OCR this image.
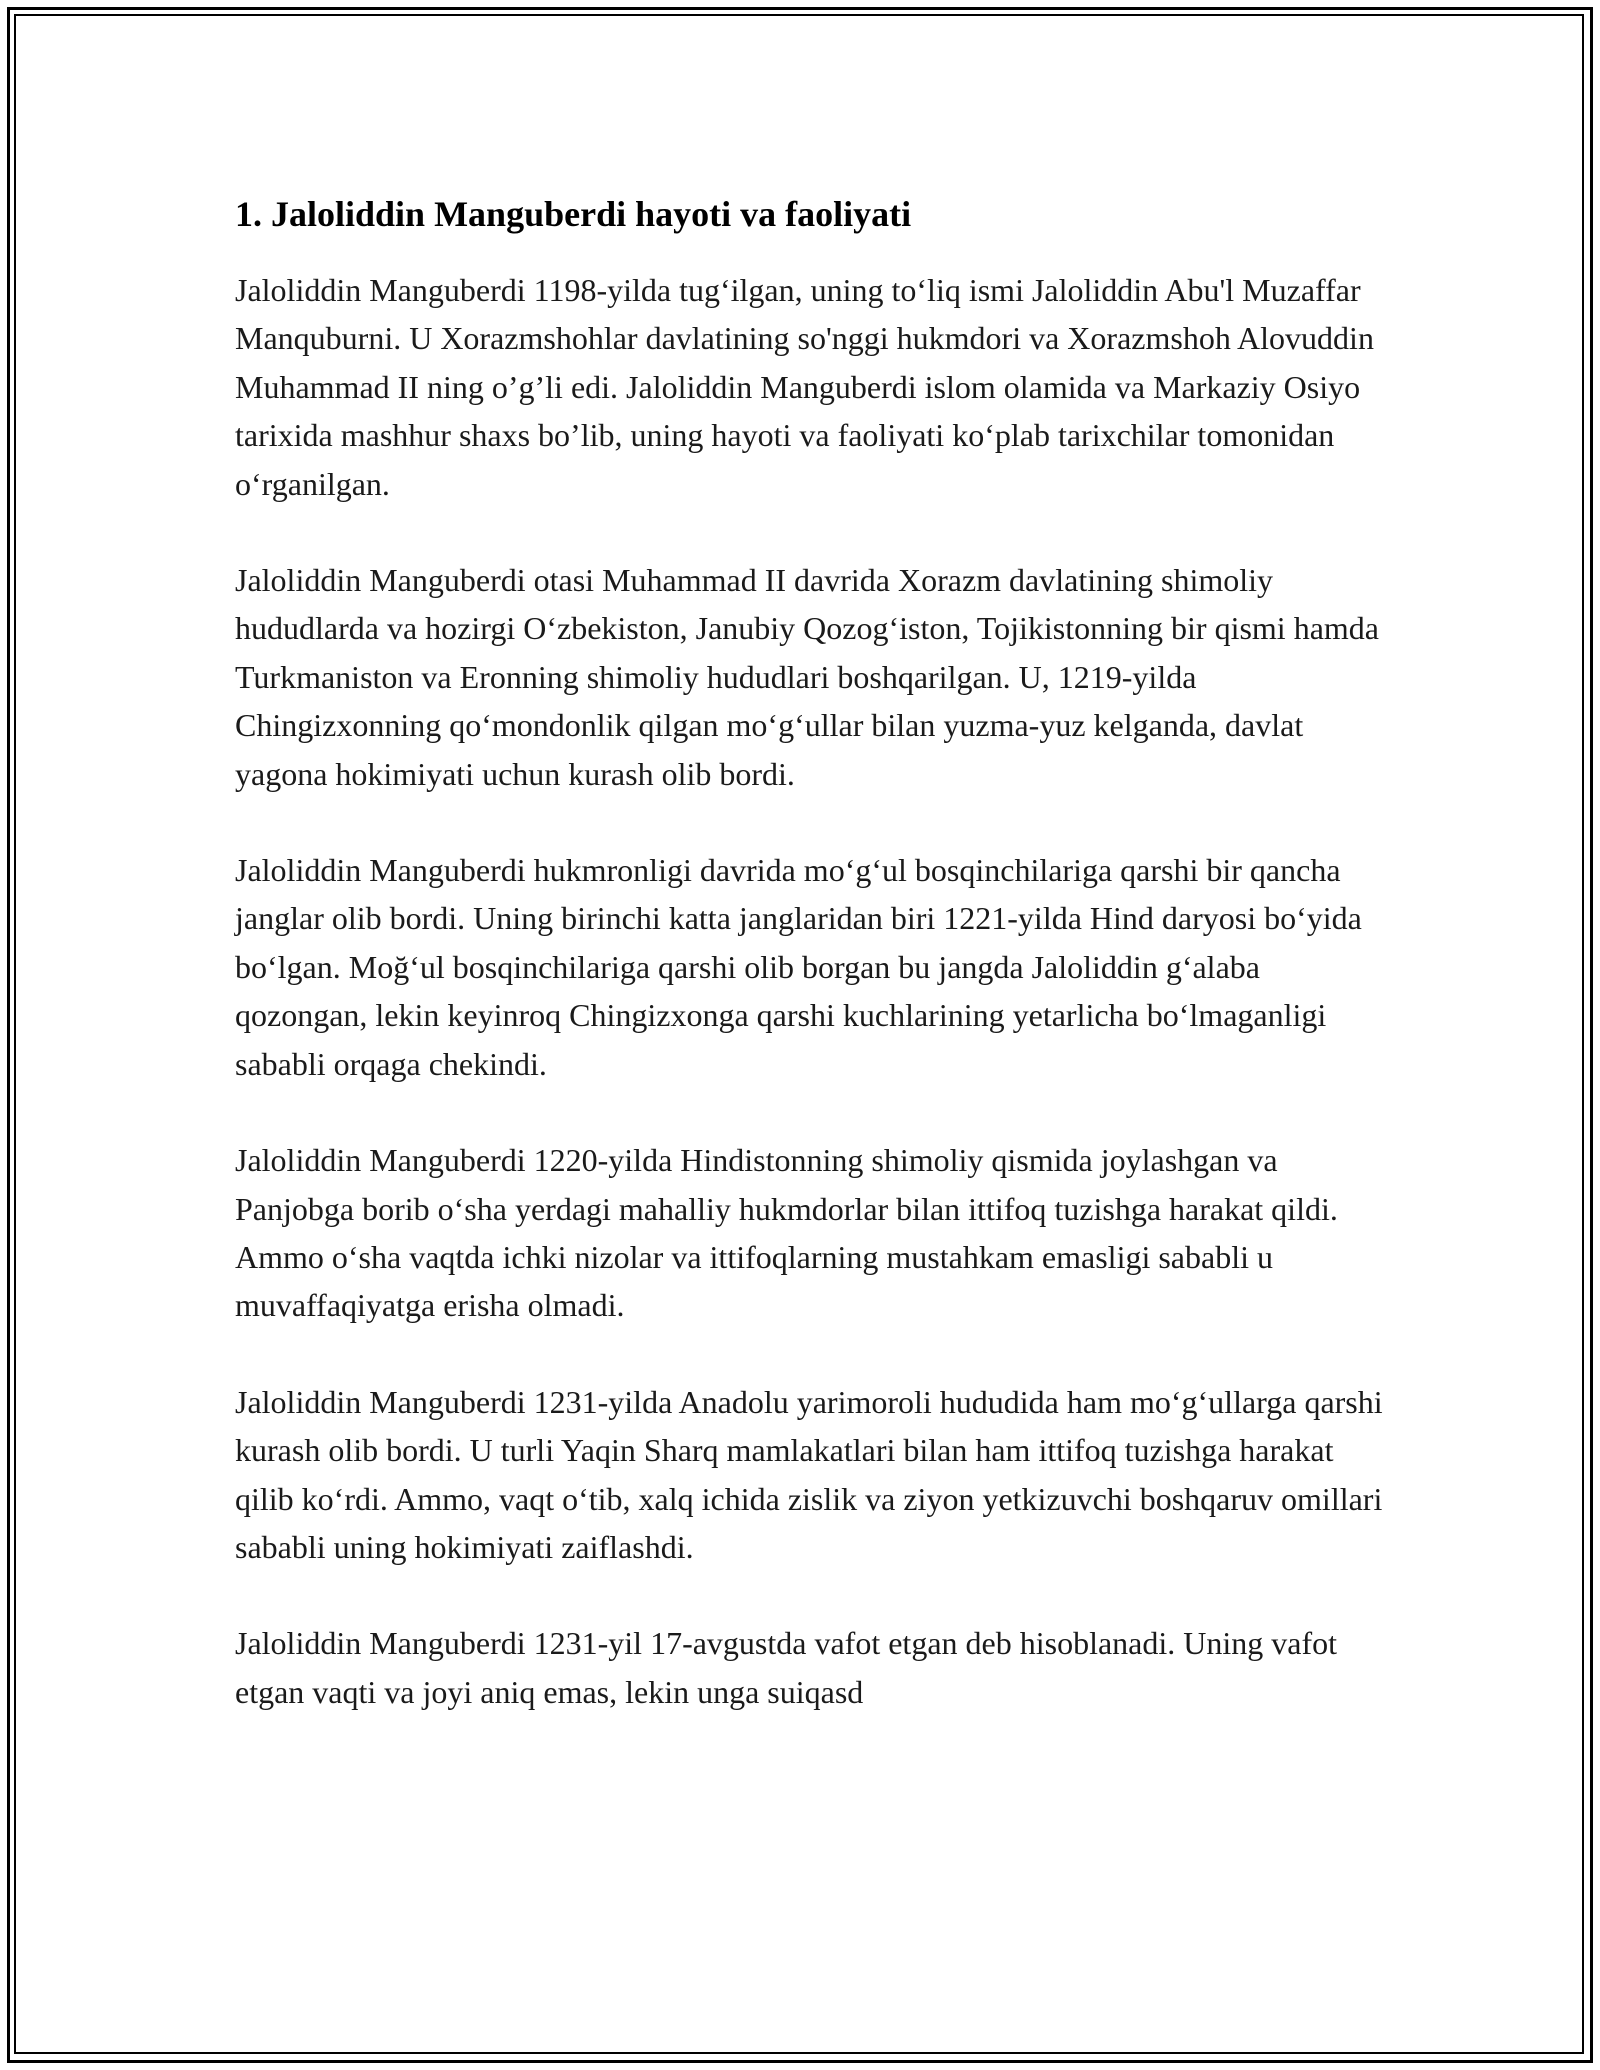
1. Jaloliddin Manguberdi hayoti va faoliyati

Jaloliddin Manguberdi 1198-yilda tug‘ilgan, uning to‘liq ismi Jaloliddin Abu'l Muzaffar Manquburni. U Xorazmshohlar davlatining so'nggi hukmdori va Xorazmshoh Alovuddin Muhammad II ning o’g’li edi. Jaloliddin Manguberdi islom olamida va Markaziy Osiyo tarixida mashhur shaxs bo’lib, uning hayoti va faoliyati ko‘plab tarixchilar tomonidan o‘rganilgan.

Jaloliddin Manguberdi otasi Muhammad II davrida Xorazm davlatining shimoliy hududlarda va hozirgi O‘zbekiston, Janubiy Qozog‘iston, Tojikistonning bir qismi hamda Turkmaniston va Eronning shimoliy hududlari boshqarilgan. U, 1219-yilda Chingizxonning qo‘mondonlik qilgan mo‘g‘ullar bilan yuzma-yuz kelganda, davlat yagona hokimiyati uchun kurash olib bordi.

Jaloliddin Manguberdi hukmronligi davrida mo‘g‘ul bosqinchilariga qarshi bir qancha janglar olib bordi. Uning birinchi katta janglaridan biri 1221-yilda Hind daryosi bo‘yida bo‘lgan. Moğ‘ul bosqinchilariga qarshi olib borgan bu jangda Jaloliddin g‘alaba qozongan, lekin keyinroq Chingizxonga qarshi kuchlarining yetarlicha bo‘lmaganligi sababli orqaga chekindi.

Jaloliddin Manguberdi 1220-yilda Hindistonning shimoliy qismida joylashgan va Panjobga borib o‘sha yerdagi mahalliy hukmdorlar bilan ittifoq tuzishga harakat qildi. Ammo o‘sha vaqtda ichki nizolar va ittifoqlarning mustahkam emasligi sababli u muvaffaqiyatga erisha olmadi.

Jaloliddin Manguberdi 1231-yilda Anadolu yarimoroli hududida ham mo‘g‘ullarga qarshi kurash olib bordi. U turli Yaqin Sharq mamlakatlari bilan ham ittifoq tuzishga harakat qilib ko‘rdi. Ammo, vaqt o‘tib, xalq ichida zislik va ziyon yetkizuvchi boshqaruv omillari sababli uning hokimiyati zaiflashdi.

Jaloliddin Manguberdi 1231-yil 17-avgustda vafot etgan deb hisoblanadi. Uning vafot etgan vaqti va joyi aniq emas, lekin unga suiqasd
